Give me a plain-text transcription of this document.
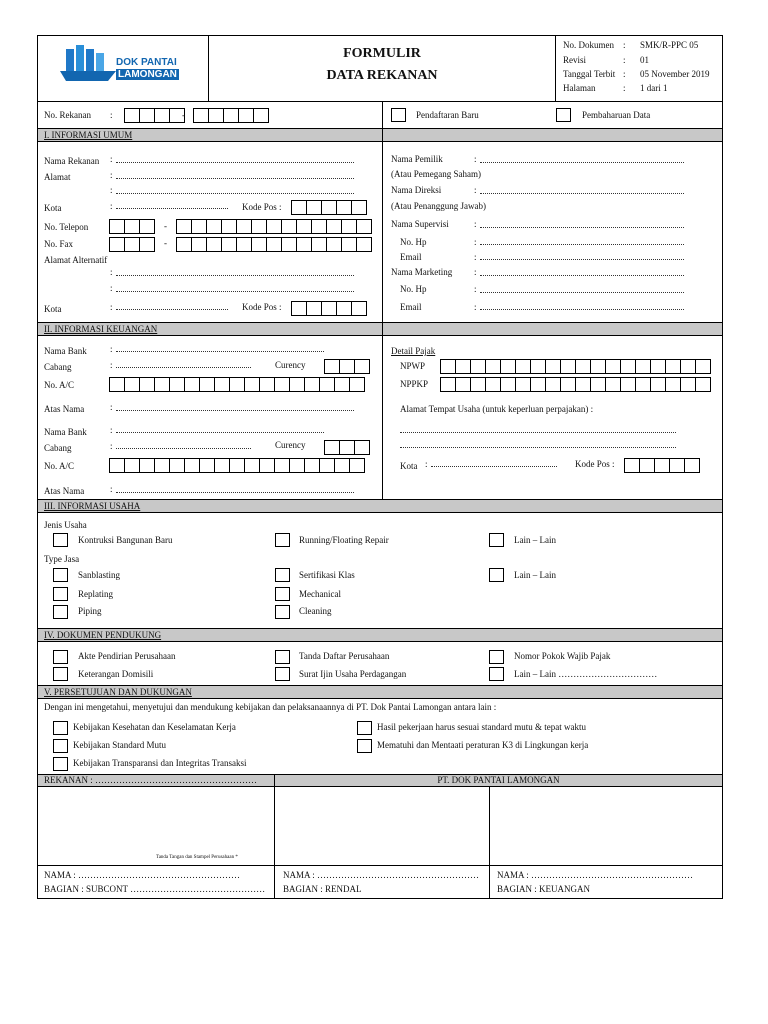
DOK PANTAI
LAMONGAN
FORMULIR
DATA REKANAN
No. Dokumen : SMK/R-PPC 05
Revisi	: 01
Tanggal Terbit : 05 November 2019
Halaman	: 1 dari 1
No. Rekanan :	-	Pendaftaran Baru	Pembaharuan Data
I. INFORMASI UMUM
Nama Rekanan :
Alamat	:
:
Kota	:	Kode Pos :
No. Telepon	-
No. Fax	-
Alamat Alternatif
:
:
Kota	:	Kode Pos :
Nama Pemilik	:
(Atau Pemegang Saham)
Nama Direksi	:
(Atau Penanggung Jawab)
Nama Supervisi	:
No. Hp	:
Email	:
Nama Marketing :
No. Hp	:
Email	:
II. INFORMASI KEUANGAN
Nama Bank	:
Cabang	:	Curency
No. A/C
Atas Nama	:
Nama Bank	:
Cabang	:	Curency
No. A/C
Atas Nama	:
Detail Pajak
NPWP
NPPKP
Alamat Tempat Usaha (untuk keperluan perpajakan) :
Kota :	Kode Pos :
III. INFORMASI USAHA
Jenis Usaha
Kontruksi Bangunan Baru	Running/Floating Repair	Lain – Lain
Type Jasa
Sanblasting	Sertifikasi Klas	Lain – Lain
Replating	Mechanical
Piping	Cleaning
IV. DOKUMEN PENDUKUNG
Akte Pendirian Perusahaan	Tanda Daftar Perusahaan	Nomor Pokok Wajib Pajak
Keterangan Domisili	Surat Ijin Usaha Perdagangan	Lain – Lain ……………………………
V. PERSETUJUAN DAN DUKUNGAN
Dengan ini mengetahui, menyetujui dan mendukung kebijakan dan pelaksanaannya di PT. Dok Pantai Lamongan antara lain :
Kebijakan Kesehatan dan Keselamatan Kerja	Hasil pekerjaan harus sesuai standard mutu & tepat waktu
Kebijakan Standard Mutu	Mematuhi dan Mentaati peraturan K3 di Lingkungan kerja
Kebijakan Transparansi dan Integritas Transaksi
REKANAN : ………………………………………………	PT. DOK PANTAI LAMONGAN
Tanda Tangan dan Stampel Perusahaan *
NAMA : ………………………………………………
BAGIAN : SUBCONT ………………………………………
NAMA : ………………………………………………
BAGIAN : RENDAL
NAMA : ………………………………………………
BAGIAN : KEUANGAN
